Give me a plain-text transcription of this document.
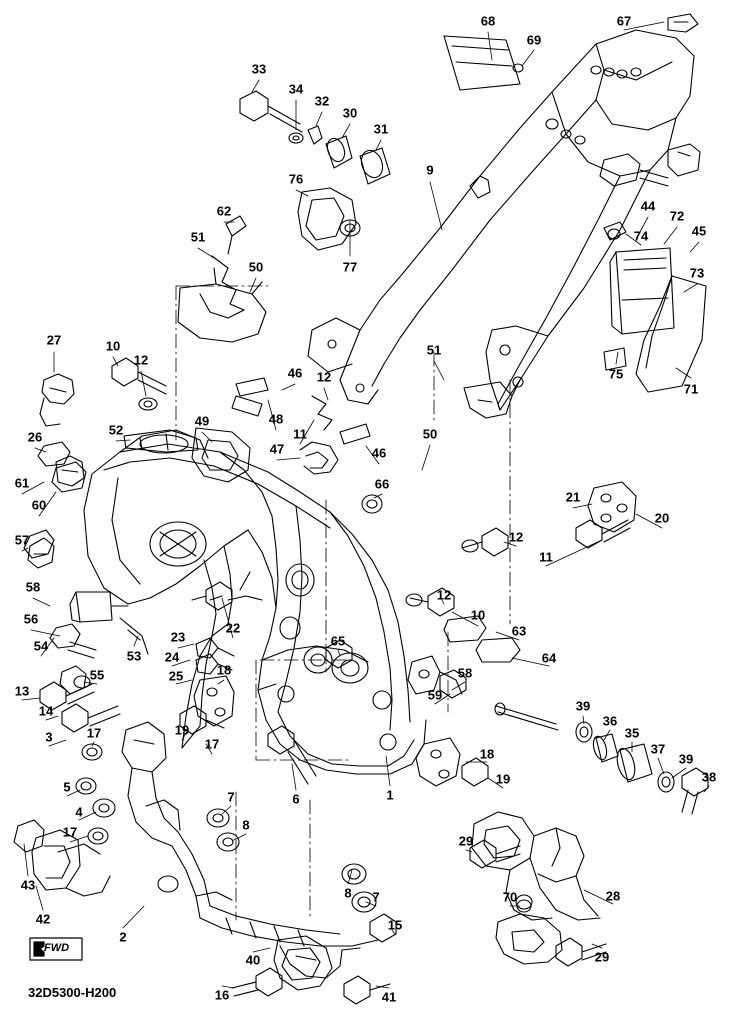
FWD
32D5300-H200
68	67
69
33
34
32
30
31
9
76
44
72
62
74	45
51
77	73
50
27	10
75
71
12
46
51
12
26	52
48
49
11
47	46
50
61
60
66
21
20
57	12
11
58
56
12
10
63
64
23
22
54
53 24
65
58
13
55	25	18
59
14	39
36
35
37
39
19
17
3	17
18
38
5
19
6	1
4
7
8
17
29
8 7	70	28
43
42
2
15
29
40
41
16
